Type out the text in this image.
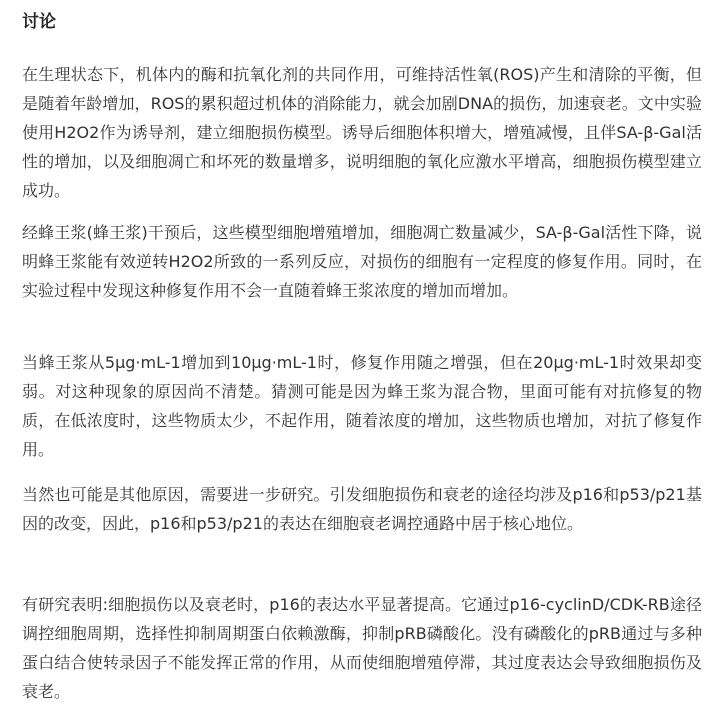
讨论

在生理状态下，机体内的酶和抗氧化剂的共同作用，可维持活性氧(ROS)产生和清除的平衡，但是随着年龄增加，ROS的累积超过机体的消除能力，就会加剧DNA的损伤，加速衰老。文中实验使用H2O2作为诱导剂，建立细胞损伤模型。诱导后细胞体积增大，增殖减慢，且伴SA-β-Gal活性的增加，以及细胞凋亡和坏死的数量增多，说明细胞的氧化应激水平增高，细胞损伤模型建立成功。

经蜂王浆(蜂王浆)干预后，这些模型细胞增殖增加，细胞凋亡数量减少，SA-β-Gal活性下降，说明蜂王浆能有效逆转H2O2所致的一系列反应，对损伤的细胞有一定程度的修复作用。同时，在实验过程中发现这种修复作用不会一直随着蜂王浆浓度的增加而增加。

当蜂王浆从5μg·mL-1增加到10μg·mL-1时，修复作用随之增强，但在20μg·mL-1时效果却变弱。对这种现象的原因尚不清楚。猜测可能是因为蜂王浆为混合物，里面可能有对抗修复的物质，在低浓度时，这些物质太少，不起作用，随着浓度的增加，这些物质也增加，对抗了修复作用。

当然也可能是其他原因，需要进一步研究。引发细胞损伤和衰老的途径均涉及p16和p53/p21基因的改变，因此，p16和p53/p21的表达在细胞衰老调控通路中居于核心地位。

有研究表明:细胞损伤以及衰老时，p16的表达水平显著提高。它通过p16-cyclinD/CDK-RB途径调控细胞周期，选择性抑制周期蛋白依赖激酶，抑制pRB磷酸化。没有磷酸化的pRB通过与多种蛋白结合使转录因子不能发挥正常的作用，从而使细胞增殖停滞，其过度表达会导致细胞损伤及衰老。
